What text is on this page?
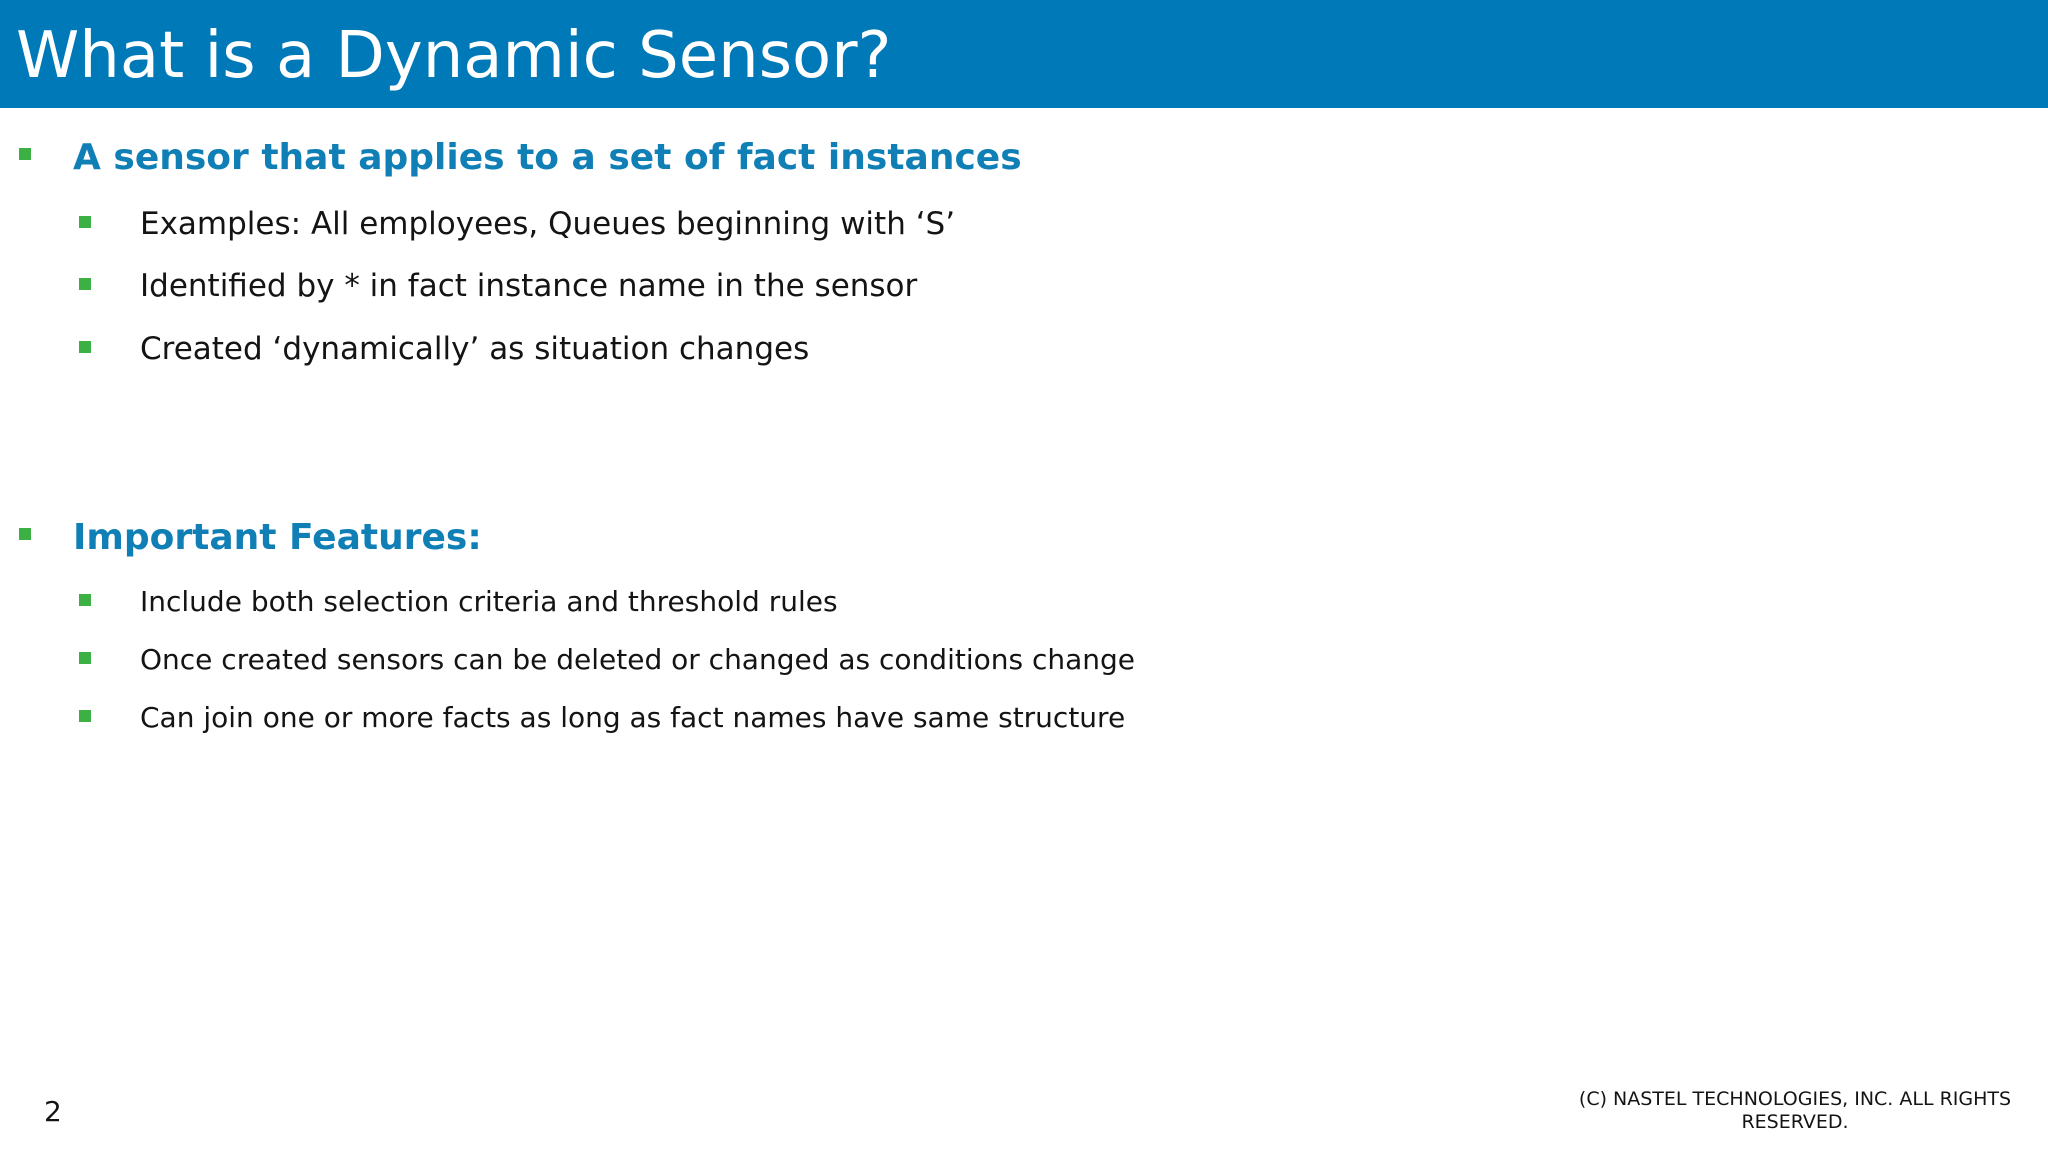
What is a Dynamic Sensor?
A sensor that applies to a set of fact instances
Examples: All employees, Queues beginning with ‘S’
Identified by * in fact instance name in the sensor
Created ‘dynamically’ as situation changes
Important Features:
Include both selection criteria and threshold rules
Once created sensors can be deleted or changed as conditions change
Can join one or more facts as long as fact names have same structure
2	(C) NASTEL TECHNOLOGIES, INC. ALL RIGHTS
RESERVED.
